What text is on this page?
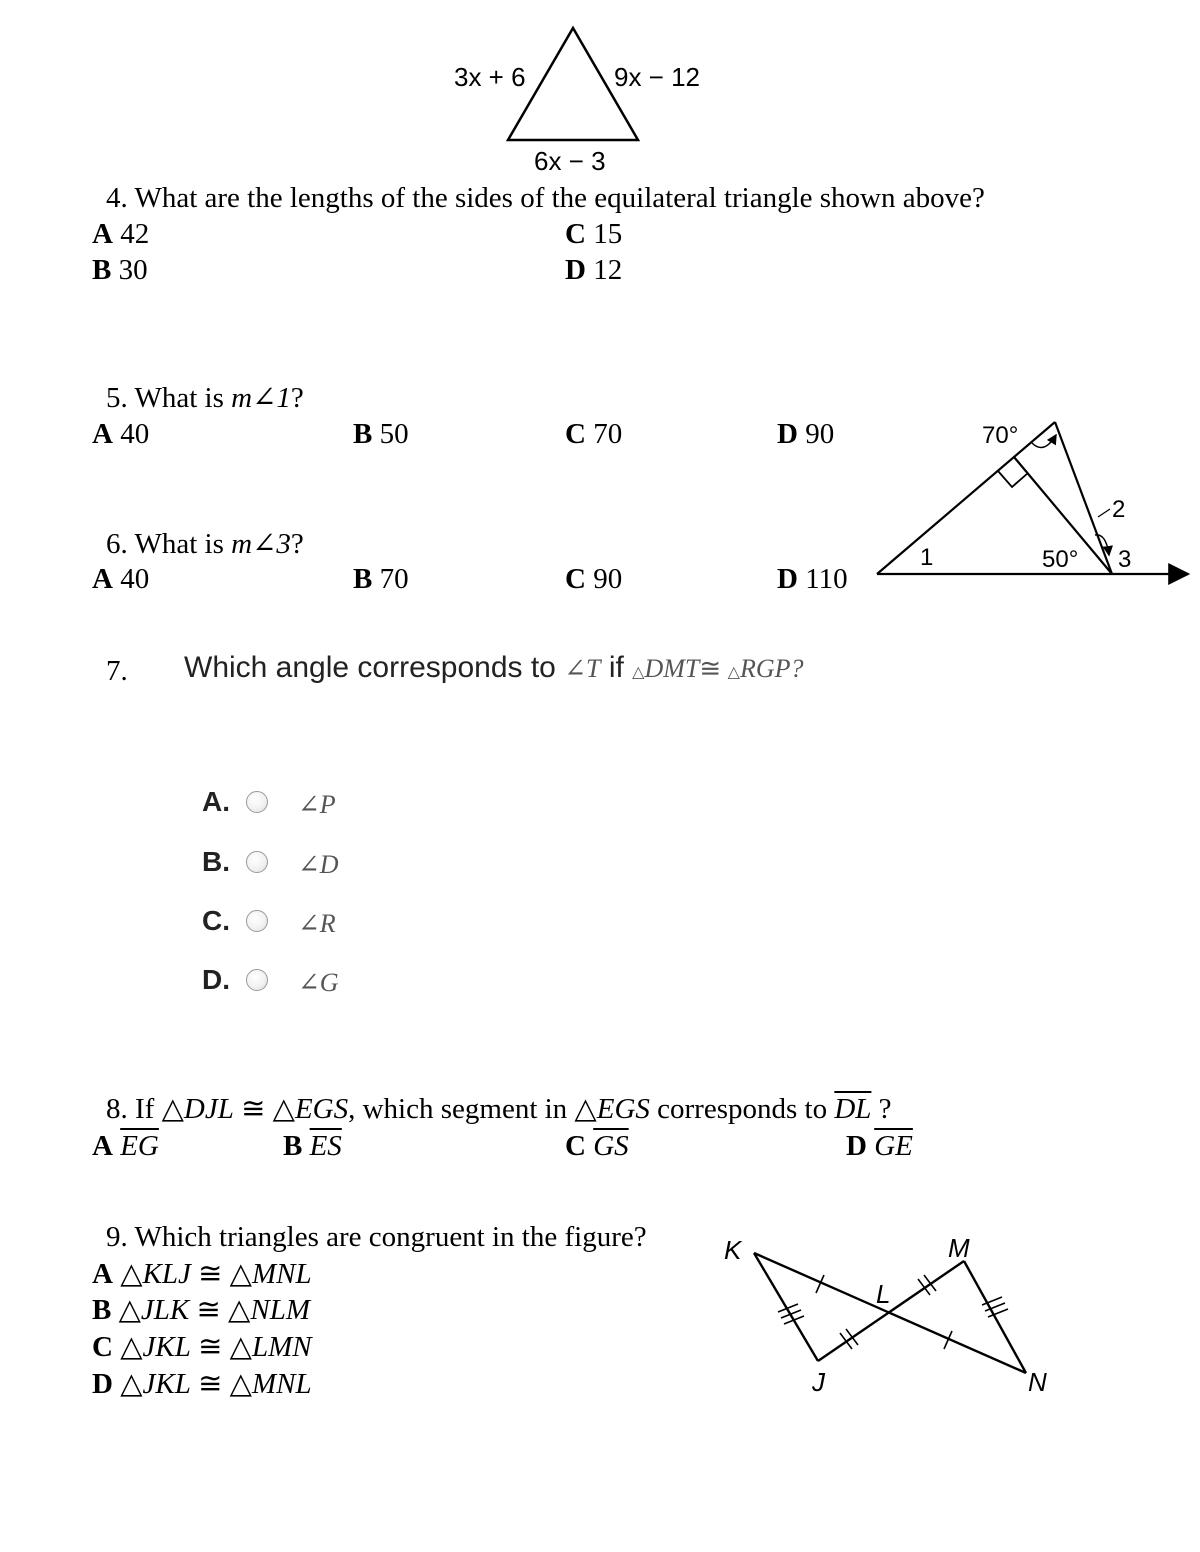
3x + 6	9x − 12
6x − 3
4. What are the lengths of the sides of the equilateral triangle shown above?
A 42
B 30
C 15
D 12
5. What is m∠1?
A 40	B 50	C 70	D 90
6. What is m∠3?
A 40	B 70	C 90	D 110
70°
50°
1
2
3
7. Which angle corresponds to ∠T if △DMT≅ △RGP?
A.	∠P
B.	∠D
C.	∠R
D.	∠G
8. If △DJL ≅ △EGS, which segment in △EGS corresponds to $\overline{DL}$ ?
A $\overline{EG}$	B $\overline{ES}$	C $\overline{GS}$	D $\overline{GE}$
9. Which triangles are congruent in the figure?
A △KLJ ≅ △MNL
B △JLK ≅ △NLM
C △JKL ≅ △LMN
D △JKL ≅ △MNL
K	M
L
J	N
